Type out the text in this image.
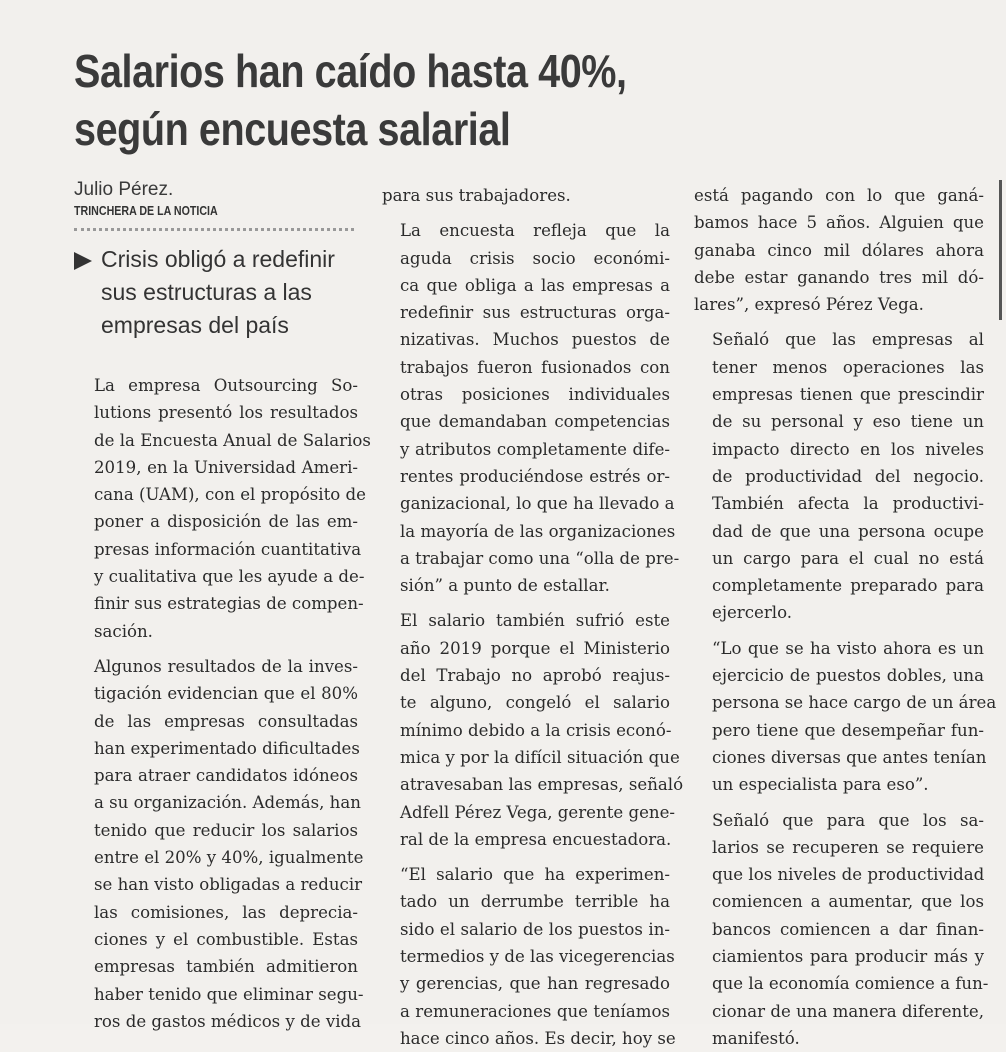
Salarios han caído hasta 40%,
según encuesta salarial
Julio Pérez.
TRINCHERA DE LA NOTICIA

Crisis obligó a redefinir
sus estructuras a las
empresas del país

La empresa Outsourcing So-
lutions presentó los resultados
de la Encuesta Anual de Salarios
2019, en la Universidad Ameri-
cana (UAM), con el propósito de
poner a disposición de las em-
presas información cuantitativa
y cualitativa que les ayude a de-
finir sus estrategias de compen-
sación.

Algunos resultados de la inves-
tigación evidencian que el 80%
de las empresas consultadas
han experimentado dificultades
para atraer candidatos idóneos
a su organización. Además, han
tenido que reducir los salarios
entre el 20% y 40%, igualmente
se han visto obligadas a reducir
las comisiones, las deprecia-
ciones y el combustible. Estas
empresas también admitieron
haber tenido que eliminar segu-
ros de gastos médicos y de vida

para sus trabajadores.

La encuesta refleja que la
aguda crisis socio económi-
ca que obliga a las empresas a
redefinir sus estructuras orga-
nizativas. Muchos puestos de
trabajos fueron fusionados con
otras posiciones individuales
que demandaban competencias
y atributos completamente dife-
rentes produciéndose estrés or-
ganizacional, lo que ha llevado a
la mayoría de las organizaciones
a trabajar como una “olla de pre-
sión” a punto de estallar.

El salario también sufrió este
año 2019 porque el Ministerio
del Trabajo no aprobó reajus-
te alguno, congeló el salario
mínimo debido a la crisis econó-
mica y por la difícil situación que
atravesaban las empresas, señaló
Adfell Pérez Vega, gerente gene-
ral de la empresa encuestadora.

“El salario que ha experimen-
tado un derrumbe terrible ha
sido el salario de los puestos in-
termedios y de las vicegerencias
y gerencias, que han regresado
a remuneraciones que teníamos
hace cinco años. Es decir, hoy se

está pagando con lo que ganá-
bamos hace 5 años. Alguien que
ganaba cinco mil dólares ahora
debe estar ganando tres mil dó-
lares”, expresó Pérez Vega.

Señaló que las empresas al
tener menos operaciones las
empresas tienen que prescindir
de su personal y eso tiene un
impacto directo en los niveles
de productividad del negocio.
También afecta la productivi-
dad de que una persona ocupe
un cargo para el cual no está
completamente preparado para
ejercerlo.

“Lo que se ha visto ahora es un
ejercicio de puestos dobles, una
persona se hace cargo de un área
pero tiene que desempeñar fun-
ciones diversas que antes tenían
un especialista para eso”.

Señaló que para que los sa-
larios se recuperen se requiere
que los niveles de productividad
comiencen a aumentar, que los
bancos comiencen a dar finan-
ciamientos para producir más y
que la economía comience a fun-
cionar de una manera diferente,
manifestó.
